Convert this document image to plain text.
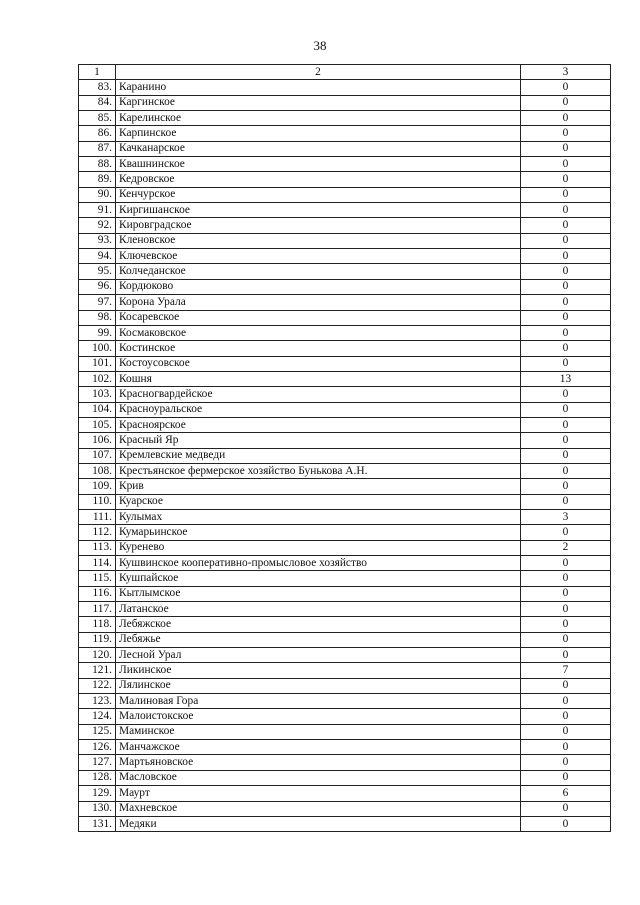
38
1	2	3
83.	Каранино	0
84.	Каргинское	0
85.	Карелинское	0
86.	Карпинское	0
87.	Качканарское	0
88.	Квашнинское	0
89.	Кедровское	0
90.	Кенчурское	0
91.	Киргишанское	0
92.	Кировградское	0
93.	Кленовское	0
94.	Ключевское	0
95.	Колчеданское	0
96.	Кордюково	0
97.	Корона Урала	0
98.	Косаревское	0
99.	Космаковское	0
100.	Костинское	0
101.	Костоусовское	0
102.	Кошня	13
103.	Красногвардейское	0
104.	Красноуральское	0
105.	Красноярское	0
106.	Красный Яр	0
107.	Кремлевские медведи	0
108.	Крестьянское фермерское хозяйство Бунькова А.Н.	0
109.	Крив	0
110.	Куарское	0
111.	Кулымах	3
112.	Кумарьинское	0
113.	Куренево	2
114.	Кушвинское кооперативно-промысловое хозяйство	0
115.	Кушпайское	0
116.	Кытлымское	0
117.	Латанское	0
118.	Лебяжское	0
119.	Лебяжье	0
120.	Лесной Урал	0
121.	Ликинское	7
122.	Лялинское	0
123.	Малиновая Гора	0
124.	Малоистокское	0
125.	Маминское	0
126.	Манчажское	0
127.	Мартьяновское	0
128.	Масловское	0
129.	Маурт	6
130.	Махневское	0
131.	Медяки	0
